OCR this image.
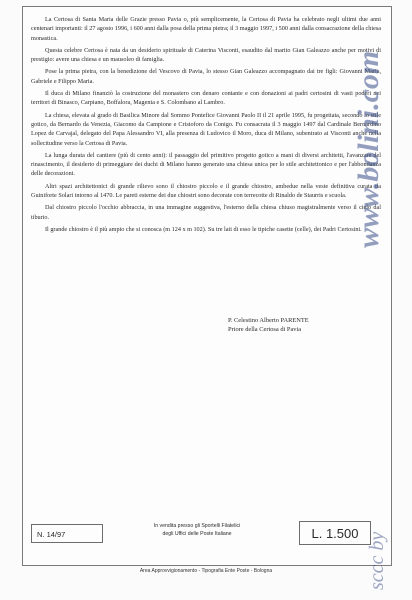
La Certosa di Santa Maria delle Grazie presso Pavia o, più semplicemente, la Certosa di Pavia ha celebrato negli ultimi due anni centenari importanti: il 27 agosto 1996, i 600 anni dalla posa della prima pietra; il 3 maggio 1997, i 500 anni dalla consacrazione della chiesa monastica.

Questa celebre Certosa è nata da un desiderio spirituale di Caterina Visconti, esaudito dal marito Gian Galeazzo anche per motivi di prestigio: avere una chiesa e un mausoleo di famiglia.

Pose la prima pietra, con la benedizione del Vescovo di Pavia, lo stesso Gian Galeazzo accompagnato dai tre figli: Giovanni Maria, Gabriele e Filippo Maria.

Il duca di Milano finanziò la costruzione del monastero con denaro contante e con donazioni ai padri certosini di vasti poderi nei territori di Binasco, Carpiano, Boffalora, Magenta e S. Colombano al Lambro.

La chiesa, elevata al grado di Basilica Minore dal Sommo Pontefice Giovanni Paolo II il 21 aprile 1995, fu progettata, secondo lo stile gotico, da Bernardo da Venezia, Giacomo da Campione e Cristoforo da Conigo. Fu consacrata il 3 maggio 1497 dal Cardinale Bernardino Lopez de Carvajal, delegato del Papa Alessandro VI, alla presenza di Ludovico il Moro, duca di Milano, subentrato ai Visconti anche nella sollecitudine verso la Certosa di Pavia.

La lunga durata del cantiere (più di cento anni): il passaggio del primitivo progetto gotico a mani di diversi architetti, l'avanzare del rinascimento, il desiderio di primeggiare dei duchi di Milano hanno generato una chiesa unica per lo stile architettonico e per l'abbondanza delle decorazioni.

Altri spazi architettonici di grande rilievo sono il chiostro piccolo e il grande chiostro, ambedue nella veste definitiva curata da Guiniforte Solari intorno al 1470. Le pareti esterne dei due chiostri sono decorate con terrecotte di Rinaldo de Staurris e scuola.

Dal chiostro piccolo l'occhio abbraccia, in una immagine suggestiva, l'esterno della chiesa chiuso magistralmente verso il cielo dal tiburio.

Il grande chiostro è il più ampio che si conosca (m 124 x m 102). Su tre lati di esso le tipiche casette (celle), dei Padri Certosini.

P. Celestino Alberto PARENTE
Priore della Certosa di Pavia
N. 14/97
In vendita presso gli Sportelli Filatelici
degli Uffici delle Poste Italiane	L. 1.500
Area Approvvigionamento - Tipografia Ente Poste - Bologna
www.bolini.com
sccc by
